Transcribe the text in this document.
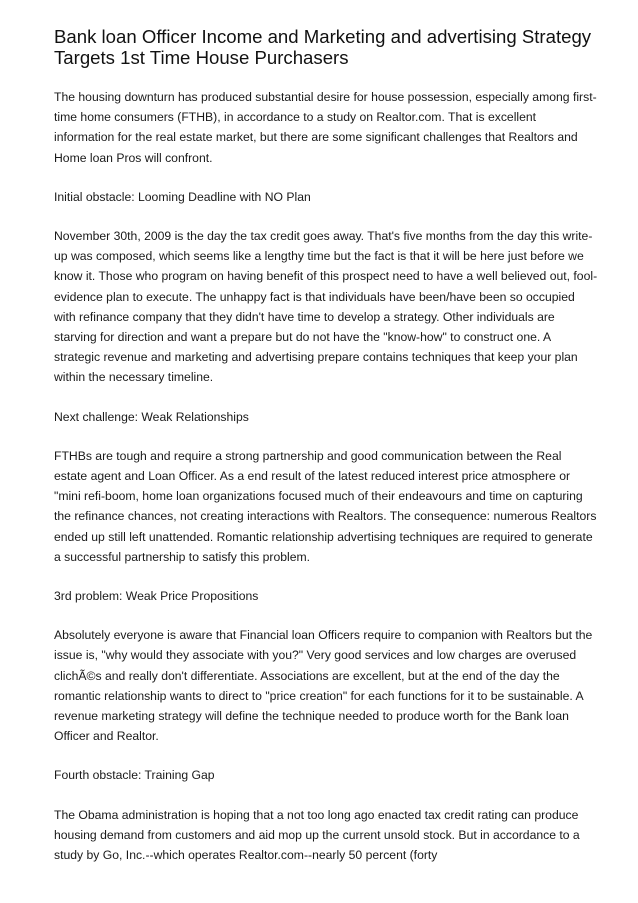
Bank loan Officer Income and Marketing and advertising Strategy Targets 1st Time House Purchasers

The housing downturn has produced substantial desire for house possession, especially among first-time home consumers (FTHB), in accordance to a study on Realtor.com. That is excellent information for the real estate market, but there are some significant challenges that Realtors and Home loan Pros will confront.

Initial obstacle: Looming Deadline with NO Plan

November 30th, 2009 is the day the tax credit goes away. That's five months from the day this write-up was composed, which seems like a lengthy time but the fact is that it will be here just before we know it. Those who program on having benefit of this prospect need to have a well believed out, fool-evidence plan to execute. The unhappy fact is that individuals have been/have been so occupied with refinance company that they didn't have time to develop a strategy. Other individuals are starving for direction and want a prepare but do not have the "know-how" to construct one. A strategic revenue and marketing and advertising prepare contains techniques that keep your plan within the necessary timeline.

Next challenge: Weak Relationships

FTHBs are tough and require a strong partnership and good communication between the Real estate agent and Loan Officer. As a end result of the latest reduced interest price atmosphere or "mini refi-boom, home loan organizations focused much of their endeavours and time on capturing the refinance chances, not creating interactions with Realtors. The consequence: numerous Realtors ended up still left unattended. Romantic relationship advertising techniques are required to generate a successful partnership to satisfy this problem.

3rd problem: Weak Price Propositions

Absolutely everyone is aware that Financial loan Officers require to companion with Realtors but the issue is, "why would they associate with you?" Very good services and low charges are overused clichÃ©s and really don't differentiate. Associations are excellent, but at the end of the day the romantic relationship wants to direct to "price creation" for each functions for it to be sustainable. A revenue marketing strategy will define the technique needed to produce worth for the Bank loan Officer and Realtor.

Fourth obstacle: Training Gap

The Obama administration is hoping that a not too long ago enacted tax credit rating can produce housing demand from customers and aid mop up the current unsold stock. But in accordance to a study by Go, Inc.--which operates Realtor.com--nearly 50 percent (forty
